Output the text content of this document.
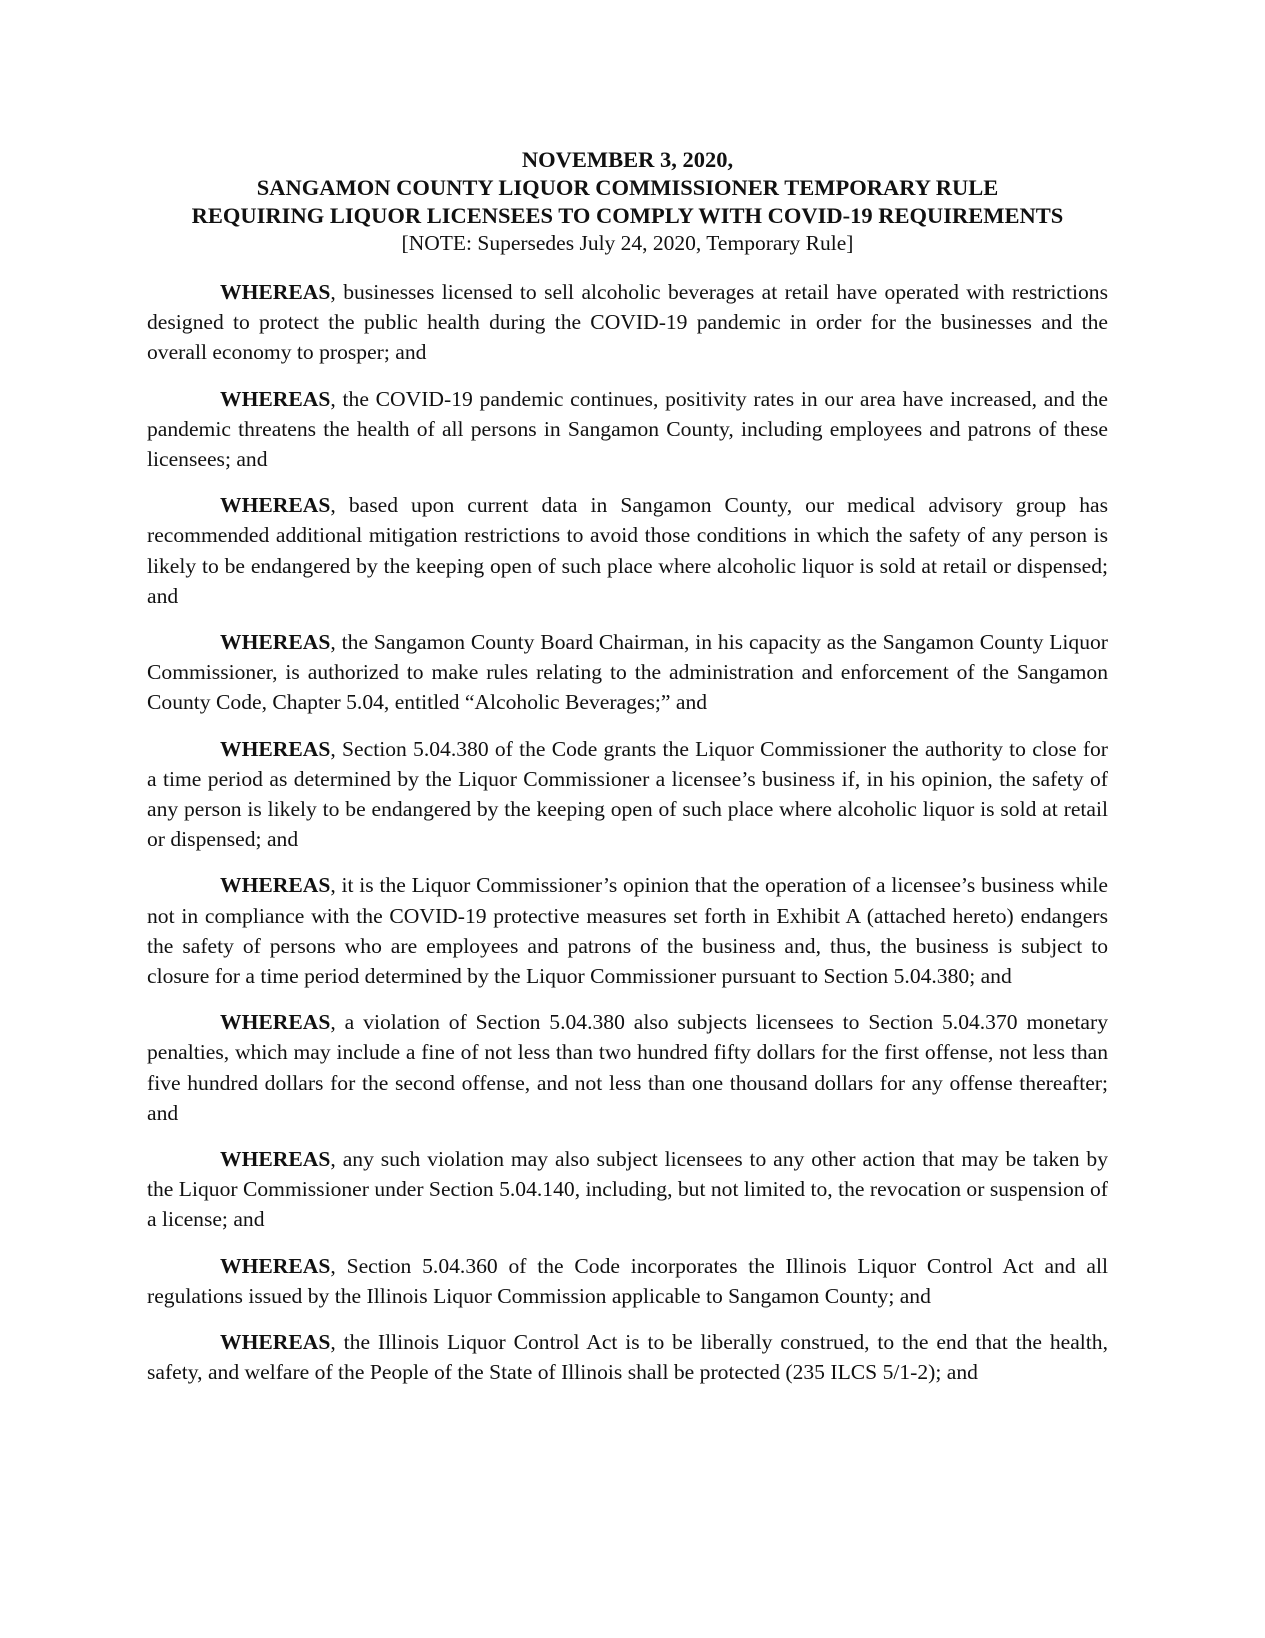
NOVEMBER 3, 2020,
SANGAMON COUNTY LIQUOR COMMISSIONER TEMPORARY RULE
REQUIRING LIQUOR LICENSEES TO COMPLY WITH COVID-19 REQUIREMENTS
[NOTE: Supersedes July 24, 2020, Temporary Rule]

WHEREAS, businesses licensed to sell alcoholic beverages at retail have operated with restrictions designed to protect the public health during the COVID-19 pandemic in order for the businesses and the overall economy to prosper; and

WHEREAS, the COVID-19 pandemic continues, positivity rates in our area have increased, and the pandemic threatens the health of all persons in Sangamon County, including employees and patrons of these licensees; and

WHEREAS, based upon current data in Sangamon County, our medical advisory group has recommended additional mitigation restrictions to avoid those conditions in which the safety of any person is likely to be endangered by the keeping open of such place where alcoholic liquor is sold at retail or dispensed; and

WHEREAS, the Sangamon County Board Chairman, in his capacity as the Sangamon County Liquor Commissioner, is authorized to make rules relating to the administration and enforcement of the Sangamon County Code, Chapter 5.04, entitled “Alcoholic Beverages;” and

WHEREAS, Section 5.04.380 of the Code grants the Liquor Commissioner the authority to close for a time period as determined by the Liquor Commissioner a licensee’s business if, in his opinion, the safety of any person is likely to be endangered by the keeping open of such place where alcoholic liquor is sold at retail or dispensed; and

WHEREAS, it is the Liquor Commissioner’s opinion that the operation of a licensee’s business while not in compliance with the COVID-19 protective measures set forth in Exhibit A (attached hereto) endangers the safety of persons who are employees and patrons of the business and, thus, the business is subject to closure for a time period determined by the Liquor Commissioner pursuant to Section 5.04.380; and

WHEREAS, a violation of Section 5.04.380 also subjects licensees to Section 5.04.370 monetary penalties, which may include a fine of not less than two hundred fifty dollars for the first offense, not less than five hundred dollars for the second offense, and not less than one thousand dollars for any offense thereafter; and

WHEREAS, any such violation may also subject licensees to any other action that may be taken by the Liquor Commissioner under Section 5.04.140, including, but not limited to, the revocation or suspension of a license; and

WHEREAS, Section 5.04.360 of the Code incorporates the Illinois Liquor Control Act and all regulations issued by the Illinois Liquor Commission applicable to Sangamon County; and

WHEREAS, the Illinois Liquor Control Act is to be liberally construed, to the end that the health, safety, and welfare of the People of the State of Illinois shall be protected (235 ILCS 5/1-2); and
